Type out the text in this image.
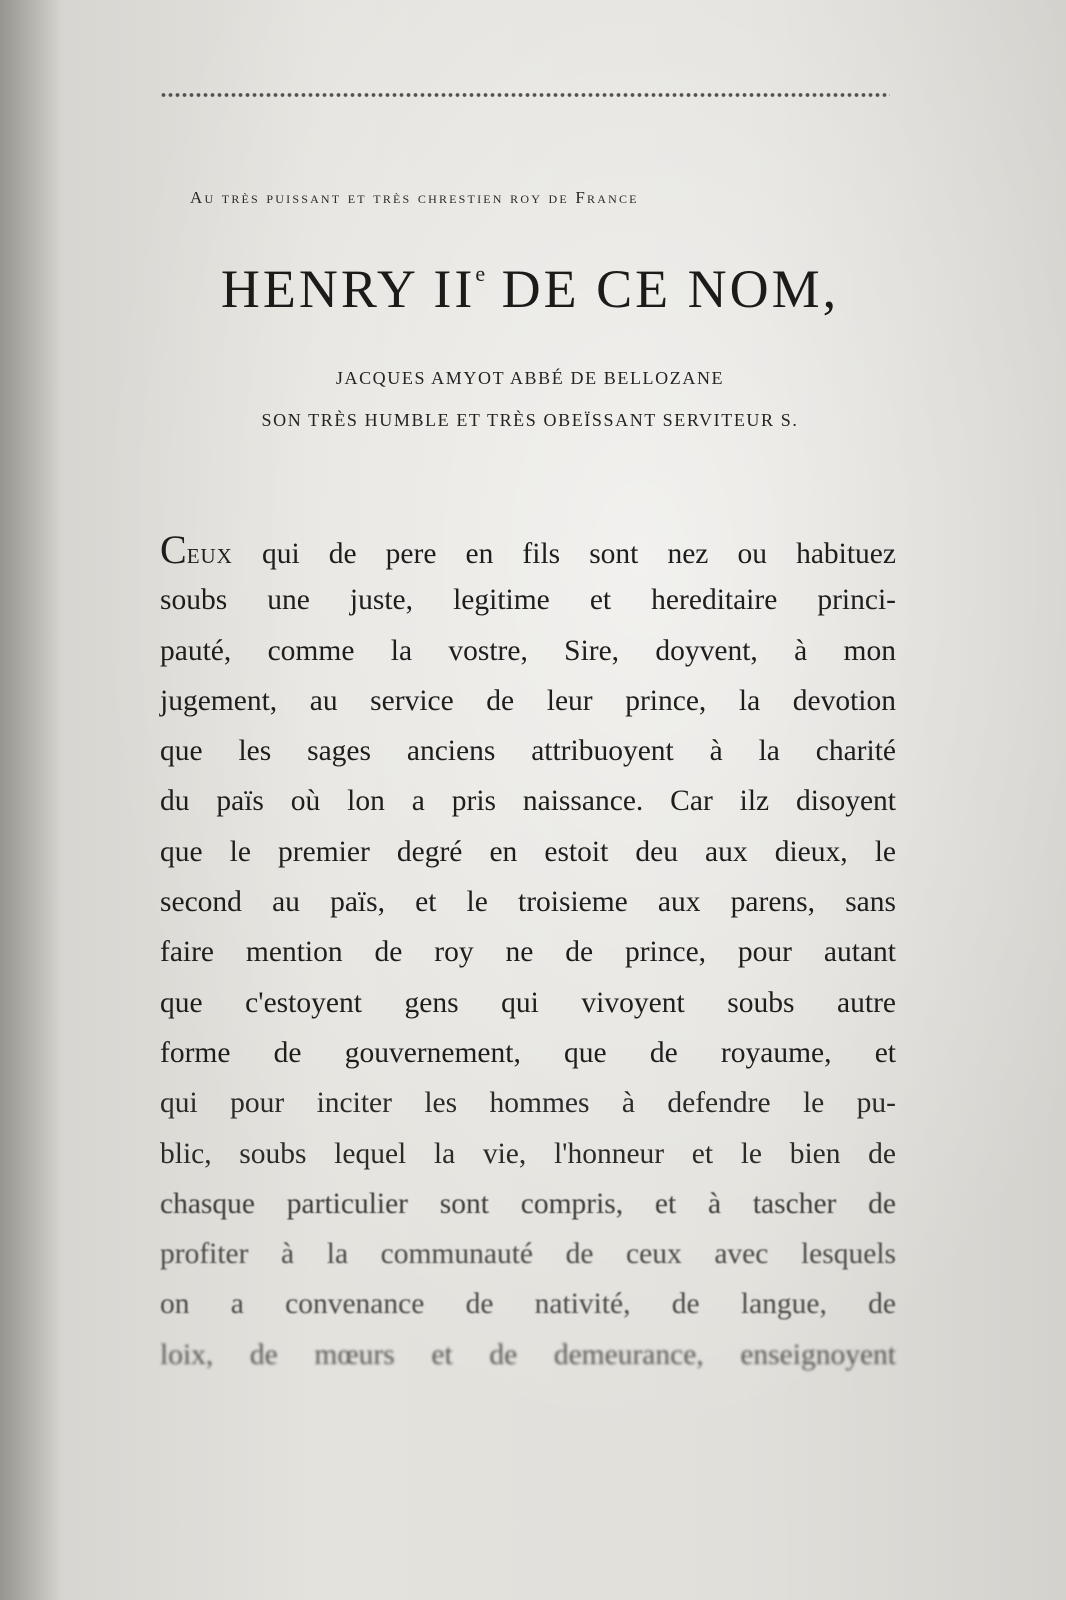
Au très puissant et très chrestien roy de France
HENRY IIe DE CE NOM,
JACQUES AMYOT ABBÉ DE BELLOZANE
SON TRÈS HUMBLE ET TRÈS OBEÏSSANT SERVITEUR S.
Ceux qui de pere en fils sont nez ou habituez
soubs une juste, legitime et hereditaire princi-
pauté, comme la vostre, Sire, doyvent, à mon
jugement, au service de leur prince, la devotion
que les sages anciens attribuoyent à la charité
du païs où lon a pris naissance. Car ilz disoyent
que le premier degré en estoit deu aux dieux, le
second au païs, et le troisieme aux parens, sans
faire mention de roy ne de prince, pour autant
que c'estoyent gens qui vivoyent soubs autre
forme de gouvernement, que de royaume, et
qui pour inciter les hommes à defendre le pu-
blic, soubs lequel la vie, l'honneur et le bien de
chasque particulier sont compris, et à tascher de
profiter à la communauté de ceux avec lesquels
on a convenance de nativité, de langue, de
loix, de mœurs et de demeurance, enseignoyent
